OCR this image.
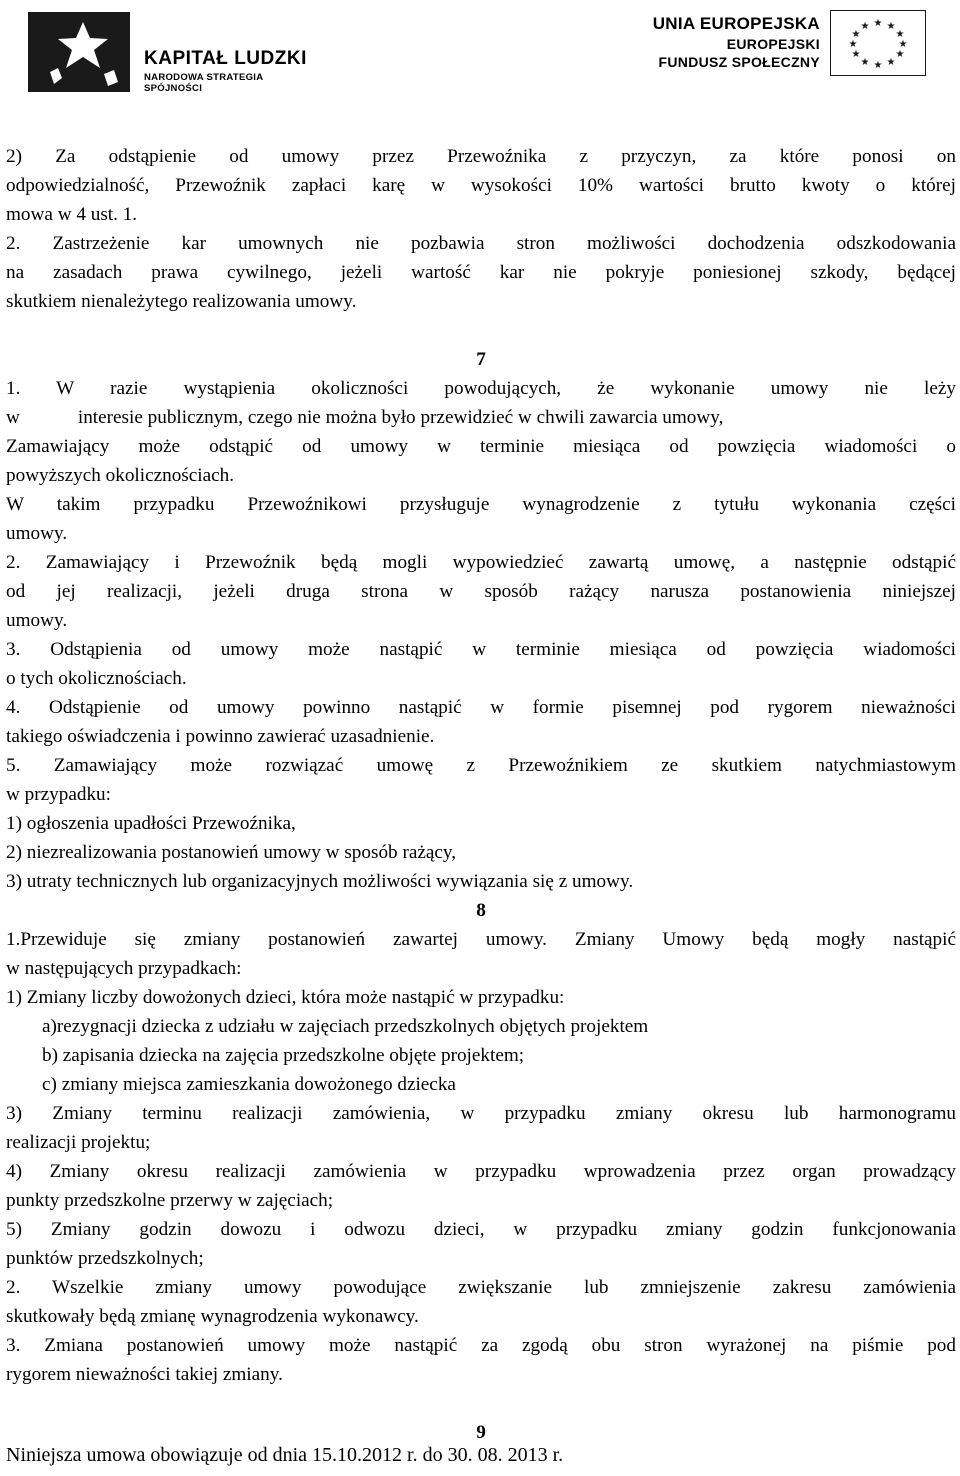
KAPITAŁ LUDZKI
NARODOWA STRATEGIA SPÓJNOŚCI
UNIA EUROPEJSKA
EUROPEJSKI
FUNDUSZ SPOŁECZNY
★ ★
★
★
★
★
★
★
★
★
★
★
2) Za odstąpienie od umowy przez Przewoźnika z przyczyn, za które ponosi on
odpowiedzialność, Przewoźnik zapłaci karę w wysokości 10% wartości brutto kwoty o której
mowa w 4 ust. 1.
2. Zastrzeżenie kar umownych nie pozbawia stron możliwości dochodzenia odszkodowania
na zasadach prawa cywilnego, jeżeli wartość kar nie pokryje poniesionej szkody, będącej
skutkiem nienależytego realizowania umowy.
7
1. W razie wystąpienia okoliczności powodujących, że wykonanie umowy nie leży
w	interesie publicznym, czego nie można było przewidzieć w chwili zawarcia umowy,
Zamawiający może odstąpić od umowy w terminie miesiąca od powzięcia wiadomości o
powyższych okolicznościach.
W takim przypadku Przewoźnikowi przysługuje wynagrodzenie z tytułu wykonania części
umowy.
2. Zamawiający i Przewoźnik będą mogli wypowiedzieć zawartą umowę, a następnie odstąpić
od jej realizacji, jeżeli druga strona w sposób rażący narusza postanowienia niniejszej
umowy.
3. Odstąpienia od umowy może nastąpić w terminie miesiąca od powzięcia wiadomości
o tych okolicznościach.
4. Odstąpienie od umowy powinno nastąpić w formie pisemnej pod rygorem nieważności
takiego oświadczenia i powinno zawierać uzasadnienie.
5. Zamawiający może rozwiązać umowę z Przewoźnikiem ze skutkiem natychmiastowym
w przypadku:
1) ogłoszenia upadłości Przewoźnika,
2) niezrealizowania postanowień umowy w sposób rażący,
3) utraty technicznych lub organizacyjnych możliwości wywiązania się z umowy.
8
1.Przewiduje się zmiany postanowień zawartej umowy. Zmiany Umowy będą mogły nastąpić
w następujących przypadkach:
1) Zmiany liczby dowożonych dzieci, która może nastąpić w przypadku:
a)rezygnacji dziecka z udziału w zajęciach przedszkolnych objętych projektem
b) zapisania dziecka na zajęcia przedszkolne objęte projektem;
c) zmiany miejsca zamieszkania dowożonego dziecka
3) Zmiany terminu realizacji zamówienia, w przypadku zmiany okresu lub harmonogramu
realizacji projektu;
4) Zmiany okresu realizacji zamówienia w przypadku wprowadzenia przez organ prowadzący
punkty przedszkolne przerwy w zajęciach;
5) Zmiany godzin dowozu i odwozu dzieci, w przypadku zmiany godzin funkcjonowania
punktów przedszkolnych;
2. Wszelkie zmiany umowy powodujące zwiększanie lub zmniejszenie zakresu zamówienia
skutkowały będą zmianę wynagrodzenia wykonawcy.
3. Zmiana postanowień umowy może nastąpić za zgodą obu stron wyrażonej na piśmie pod
rygorem nieważności takiej zmiany.
9
Niniejsza umowa obowiązuje od dnia 15.10.2012 r. do 30. 08. 2013 r.
